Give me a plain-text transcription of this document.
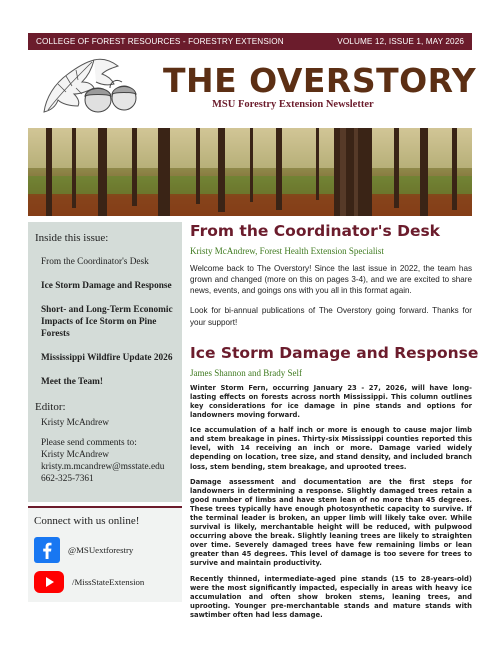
COLLEGE OF FOREST RESOURCES - FORESTRY EXTENSION	VOLUME 12, ISSUE 1, MAY 2026
THE OVERSTORY
MSU Forestry Extension Newsletter
Inside this issue:
From the Coordinator's Desk
Ice Storm Damage and Response
Short- and Long-Term Economic Impacts of Ice Storm on Pine Forests
Mississippi Wildfire Update 2026
Meet the Team!
Editor:
Kristy McAndrew
Please send comments to:
Kristy McAndrew
kristy.m.mcandrew@msstate.edu
662-325-7361
Connect with us online!
@MSUextforestry
/MissStateExtension
From the Coordinator's Desk
Kristy McAndrew, Forest Health Extension Specialist

Welcome back to The Overstory! Since the last issue in 2022, the team has grown and changed (more on this on pages 3-4), and we are excited to share news, events, and goings ons with you all in this format again.

Look for bi-annual publications of The Overstory going forward. Thanks for your support!

Ice Storm Damage and Response
James Shannon and Brady Self

Winter Storm Fern, occurring January 23 - 27, 2026, will have long-lasting effects on forests across north Mississippi. This column outlines key considerations for ice damage in pine stands and options for landowners moving forward.

Ice accumulation of a half inch or more is enough to cause major limb and stem breakage in pines. Thirty-six Mississippi counties reported this level, with 14 receiving an inch or more. Damage varied widely depending on location, tree size, and stand density, and included branch loss, stem bending, stem breakage, and uprooted trees.

Damage assessment and documentation are the first steps for landowners in determining a response. Slightly damaged trees retain a good number of limbs and have stem lean of no more than 45 degrees. These trees typically have enough photosynthetic capacity to survive. If the terminal leader is broken, an upper limb will likely take over. While survival is likely, merchantable height will be reduced, with pulpwood occurring above the break. Slightly leaning trees are likely to straighten over time. Severely damaged trees have few remaining limbs or lean greater than 45 degrees. This level of damage is too severe for trees to survive and maintain productivity.

Recently thinned, intermediate-aged pine stands (15 to 28-years-old) were the most significantly impacted, especially in areas with heavy ice accumulation and often show broken stems, leaning trees, and uprooting. Younger pre-merchantable stands and mature stands with sawtimber often had less damage.
